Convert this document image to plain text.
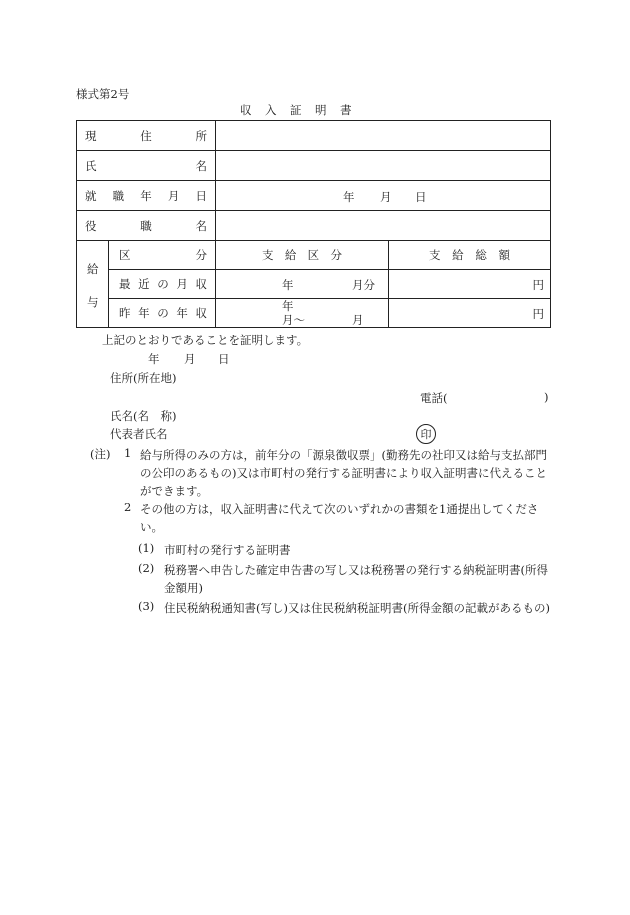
様式第2号
収　入　証　明　書
現 住 所			

氏 名			

就 職 年 月 日		年 月 日	

役 職 名			

給
与	区 分	支 給 区 分	支 給 総 額

	最 近 の 月 収	年 月分	円

	昨 年 の 年 収	年
月～ 月	円
上記のとおりであることを証明します。
年 月 日
住所(所在地)
電話(	)
氏名(名　称)
代表者氏名	印
(注) 1 給与所得のみの方は，前年分の「源泉徴収票」(勤務先の社印又は給与支払部門の公印のあるもの)又は市町村の発行する証明書により収入証明書に代えることができます。
2 その他の方は，収入証明書に代えて次のいずれかの書類を1通提出してください。
(1) 市町村の発行する証明書
(2) 税務署へ申告した確定申告書の写し又は税務署の発行する納税証明書(所得金額用)
(3) 住民税納税通知書(写し)又は住民税納税証明書(所得金額の記載があるもの)
